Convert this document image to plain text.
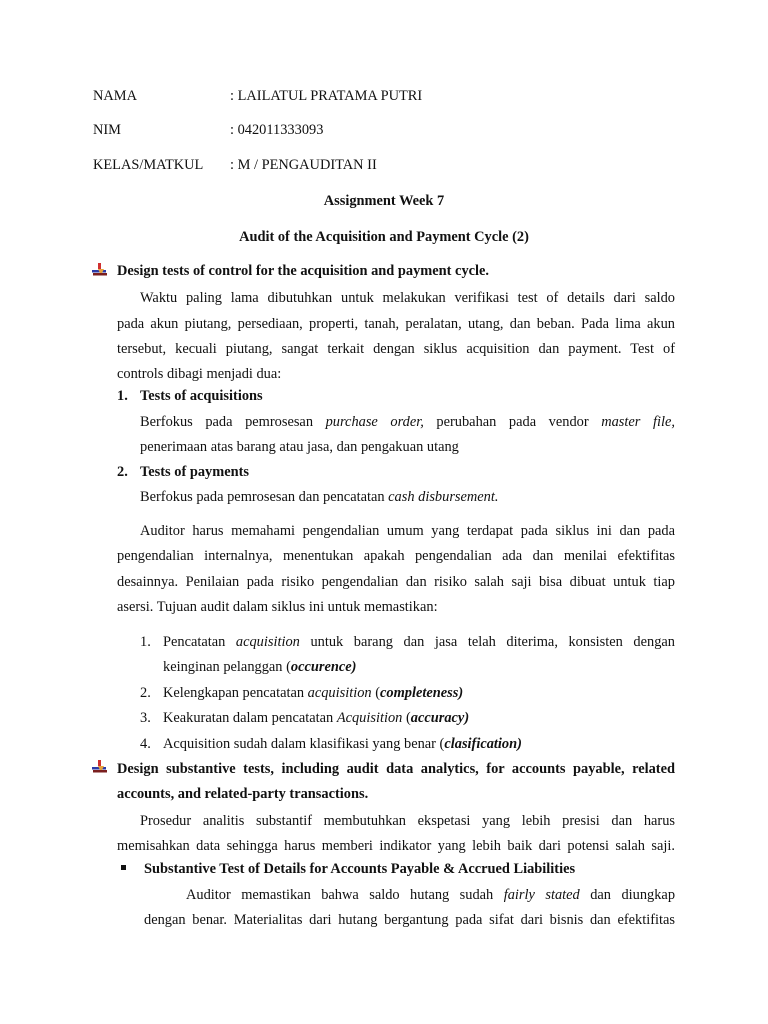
NAMA	: LAILATUL PRATAMA PUTRI
NIM	: 042011333093
KELAS/MATKUL : M / PENGAUDITAN II
Assignment Week 7
Audit of the Acquisition and Payment Cycle (2)
Design tests of control for the acquisition and payment cycle.
Waktu paling lama dibutuhkan untuk melakukan verifikasi test of details dari saldo
pada akun piutang, persediaan, properti, tanah, peralatan, utang, dan beban. Pada lima akun
tersebut, kecuali piutang, sangat terkait dengan siklus acquisition dan payment. Test of
controls dibagi menjadi dua:
1. Tests of acquisitions
Berfokus pada pemrosesan purchase order, perubahan pada vendor master file,
penerimaan atas barang atau jasa, dan pengakuan utang
2. Tests of payments
Berfokus pada pemrosesan dan pencatatan cash disbursement.
Auditor harus memahami pengendalian umum yang terdapat pada siklus ini dan pada
pengendalian internalnya, menentukan apakah pengendalian ada dan menilai efektifitas
desainnya. Penilaian pada risiko pengendalian dan risiko salah saji bisa dibuat untuk tiap
asersi. Tujuan audit dalam siklus ini untuk memastikan:
1. Pencatatan acquisition untuk barang dan jasa telah diterima, konsisten dengan
keinginan pelanggan (occurence)
2. Kelengkapan pencatatan acquisition (completeness)
3. Keakuratan dalam pencatatan Acquisition (accuracy)
4. Acquisition sudah dalam klasifikasi yang benar (clasification)
Design substantive tests, including audit data analytics, for accounts payable, related
accounts, and related-party transactions.
Prosedur analitis substantif membutuhkan ekspetasi yang lebih presisi dan harus
memisahkan data sehingga harus memberi indikator yang lebih baik dari potensi salah saji.
Substantive Test of Details for Accounts Payable & Accrued Liabilities
Auditor memastikan bahwa saldo hutang sudah fairly stated dan diungkap
dengan benar. Materialitas dari hutang bergantung pada sifat dari bisnis dan efektifitas
